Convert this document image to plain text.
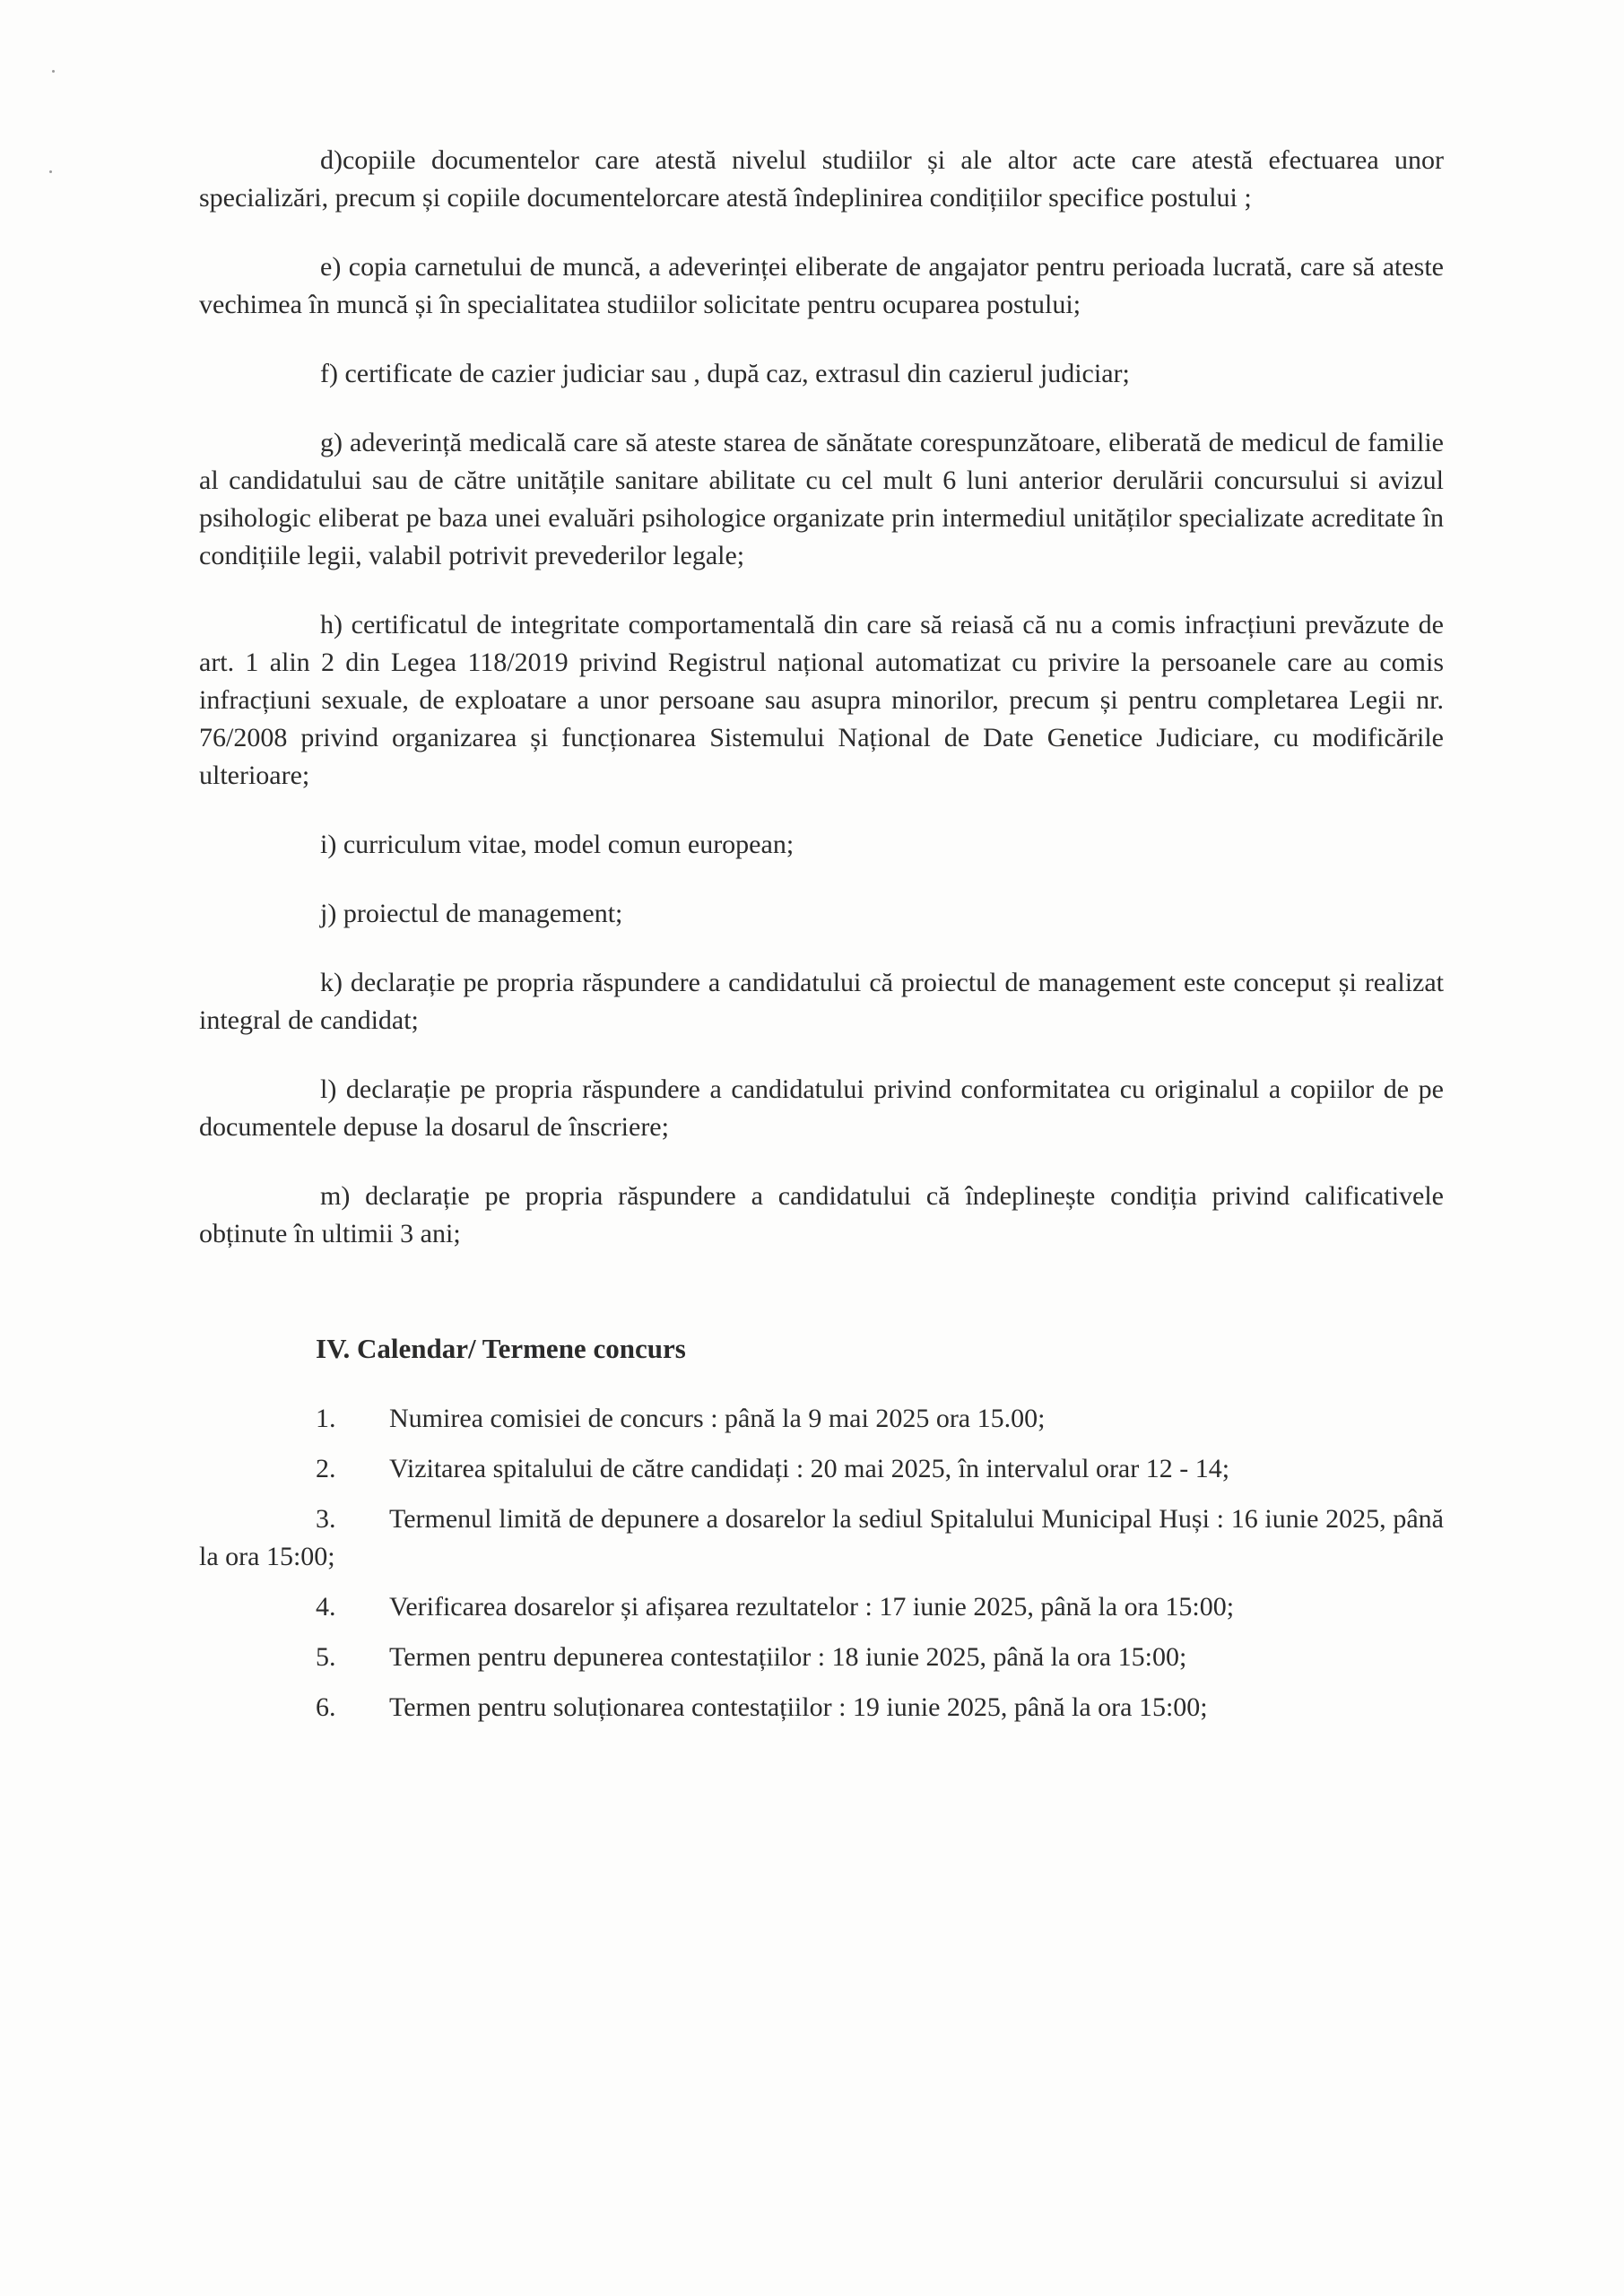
d)copiile documentelor care atestă nivelul studiilor și ale altor acte care atestă efectuarea unor specializări, precum și copiile documentelorcare atestă îndeplinirea condițiilor specifice postului ;

e) copia carnetului de muncă, a adeverinței eliberate de angajator pentru perioada lucrată, care să ateste vechimea în muncă și în specialitatea studiilor solicitate pentru ocuparea postului;

f) certificate de cazier judiciar sau , după caz, extrasul din cazierul judiciar;

g) adeverință medicală care să ateste starea de sănătate corespunzătoare, eliberată de medicul de familie al candidatului sau de către unitățile sanitare abilitate cu cel mult 6 luni anterior derulării concursului si avizul psihologic eliberat pe baza unei evaluări psihologice organizate prin intermediul unităților specializate acreditate în condițiile legii, valabil potrivit prevederilor legale;

h) certificatul de integritate comportamentală din care să reiasă că nu a comis infracțiuni prevăzute de art. 1 alin 2 din Legea 118/2019 privind Registrul național automatizat cu privire la persoanele care au comis infracțiuni sexuale, de exploatare a unor persoane sau asupra minorilor, precum și pentru completarea Legii nr. 76/2008 privind organizarea și funcționarea Sistemului Național de Date Genetice Judiciare, cu modificările ulterioare;

i) curriculum vitae, model comun european;

j) proiectul de management;

k) declarație pe propria răspundere a candidatului că proiectul de management este conceput și realizat integral de candidat;

l) declarație pe propria răspundere a candidatului privind conformitatea cu originalul a copiilor de pe documentele depuse la dosarul de înscriere;

m) declarație pe propria răspundere a candidatului că îndeplinește condiția privind calificativele obținute în ultimii 3 ani;

IV. Calendar/ Termene concurs
1. Numirea comisiei de concurs : până la 9 mai 2025 ora 15.00;
2. Vizitarea spitalului de către candidați : 20 mai 2025, în intervalul orar 12 - 14;
3. Termenul limită de depunere a dosarelor la sediul Spitalului Municipal Huși : 16 iunie 2025, până la ora 15:00;
4. Verificarea dosarelor și afișarea rezultatelor : 17 iunie 2025, până la ora 15:00;
5. Termen pentru depunerea contestațiilor : 18 iunie 2025, până la ora 15:00;
6. Termen pentru soluționarea contestațiilor : 19 iunie 2025, până la ora 15:00;
